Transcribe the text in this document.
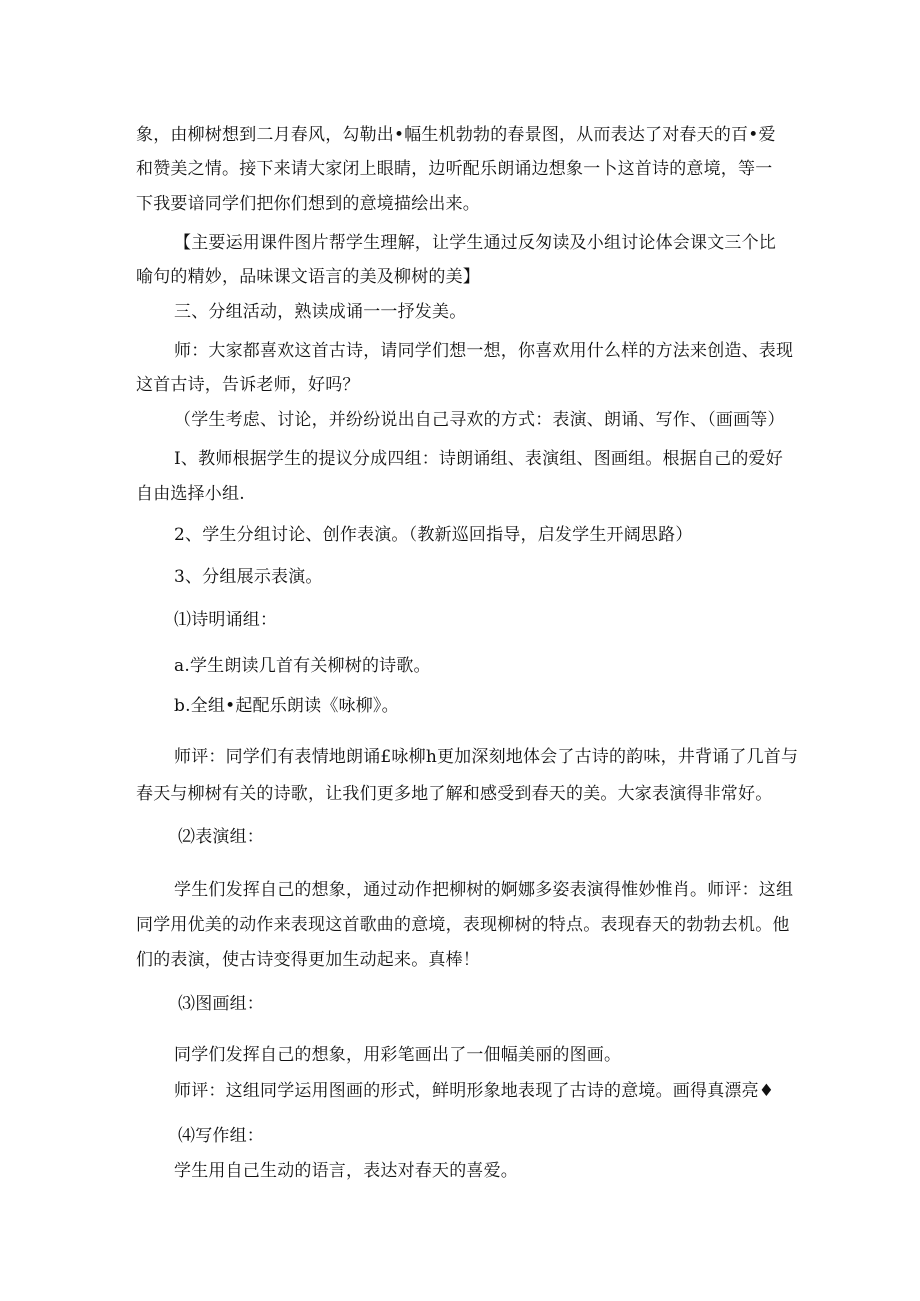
象，由柳树想到二月春风，勾勒出•幅生机勃勃的春景图，从而表达了对春天的百•爱
和赞美之情。接下来请大家闭上眼睛，边听配乐朗诵边想象一卜这首诗的意境，等一
下我要谙同学们把你们想到的意境描绘出来。
【主要运用课件图片帮学生理解，让学生通过反匆读及小组讨论体会课文三个比
喻句的精妙，品味课文语言的美及柳树的美】
三、分组活动，熟读成诵一一抒发美。
师：大家都喜欢这首古诗，请同学们想一想，你喜欢用什么样的方法来创造、表现
这首古诗，告诉老师，好吗？
（学生考虑、讨论，并纷纷说出自己寻欢的方式：表演、朗诵、写作、（画画等）
I、教师根据学生的提议分成四组：诗朗诵组、表演组、图画组。根据自己的爱好
自由选择小组.
2、学生分组讨论、创作表演。（教新巡回指导，启发学生开阔思路）
3、分组展示表演。
⑴诗明诵组：
a.学生朗读几首有关柳树的诗歌。
b.全组•起配乐朗读《咏柳》。
师评：同学们有表情地朗诵£咏柳h更加深刻地体会了古诗的韵味，井背诵了几首与
春天与柳树有关的诗歌，让我们更多地了解和感受到春天的美。大家表演得非常好。
⑵表演组：
学生们发挥自己的想象，通过动作把柳树的婀娜多姿表演得惟妙惟肖。师评：这组
同学用优美的动作来表现这首歌曲的意境，表现柳树的特点。表现春天的勃勃去机。他
们的表演，使古诗变得更加生动起来。真棒！
⑶图画组：
同学们发挥自己的想象，用彩笔画出了一佃幅美丽的图画。
师评：这组同学运用图画的形式，鲜明形象地表现了古诗的意境。画得真漂亮♦
⑷写作组：
学生用自己生动的语言，表达对春天的喜爱。
